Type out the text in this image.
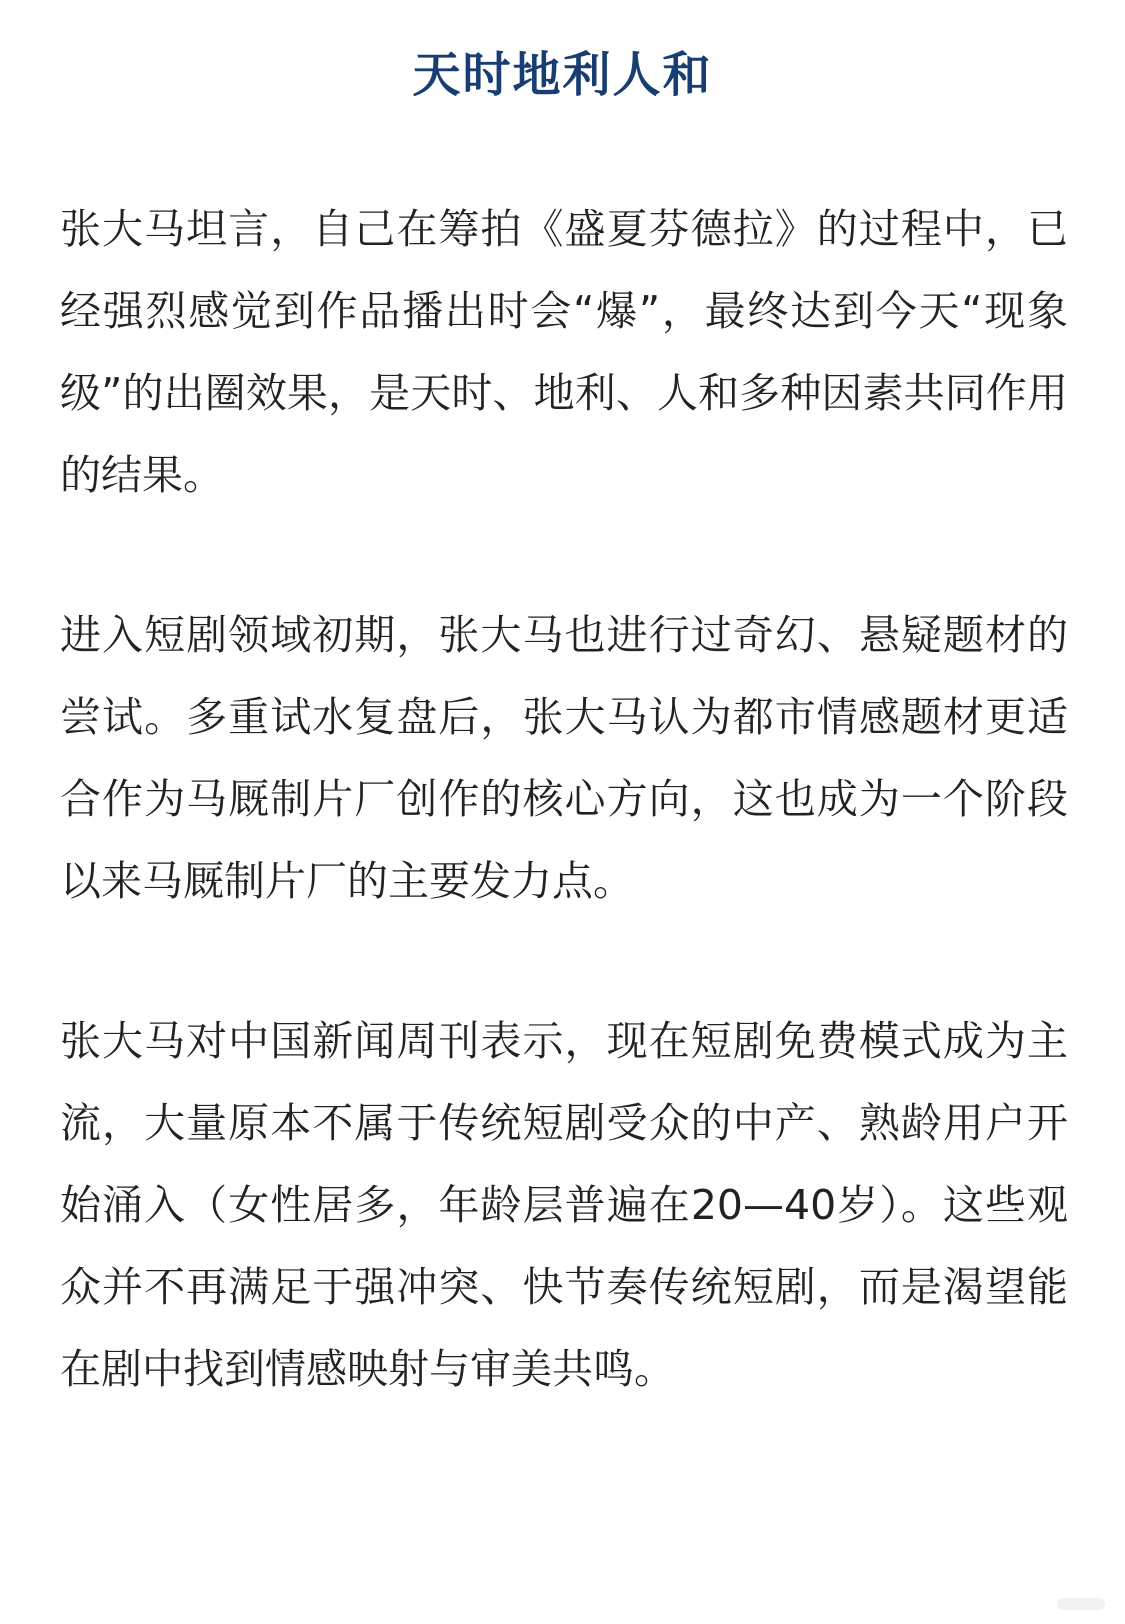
天时地利人和

张大马坦言，自己在筹拍《盛夏芬德拉》的过程中，已经强烈感觉到作品播出时会“爆”，最终达到今天“现象级”的出圈效果，是天时、地利、人和多种因素共同作用的结果。

进入短剧领域初期，张大马也进行过奇幻、悬疑题材的尝试。多重试水复盘后，张大马认为都市情感题材更适合作为马厩制片厂创作的核心方向，这也成为一个阶段以来马厩制片厂的主要发力点。

张大马对中国新闻周刊表示，现在短剧免费模式成为主流，大量原本不属于传统短剧受众的中产、熟龄用户开始涌入（女性居多，年龄层普遍在20—40岁）。这些观众并不再满足于强冲突、快节奏传统短剧，而是渴望能在剧中找到情感映射与审美共鸣。
